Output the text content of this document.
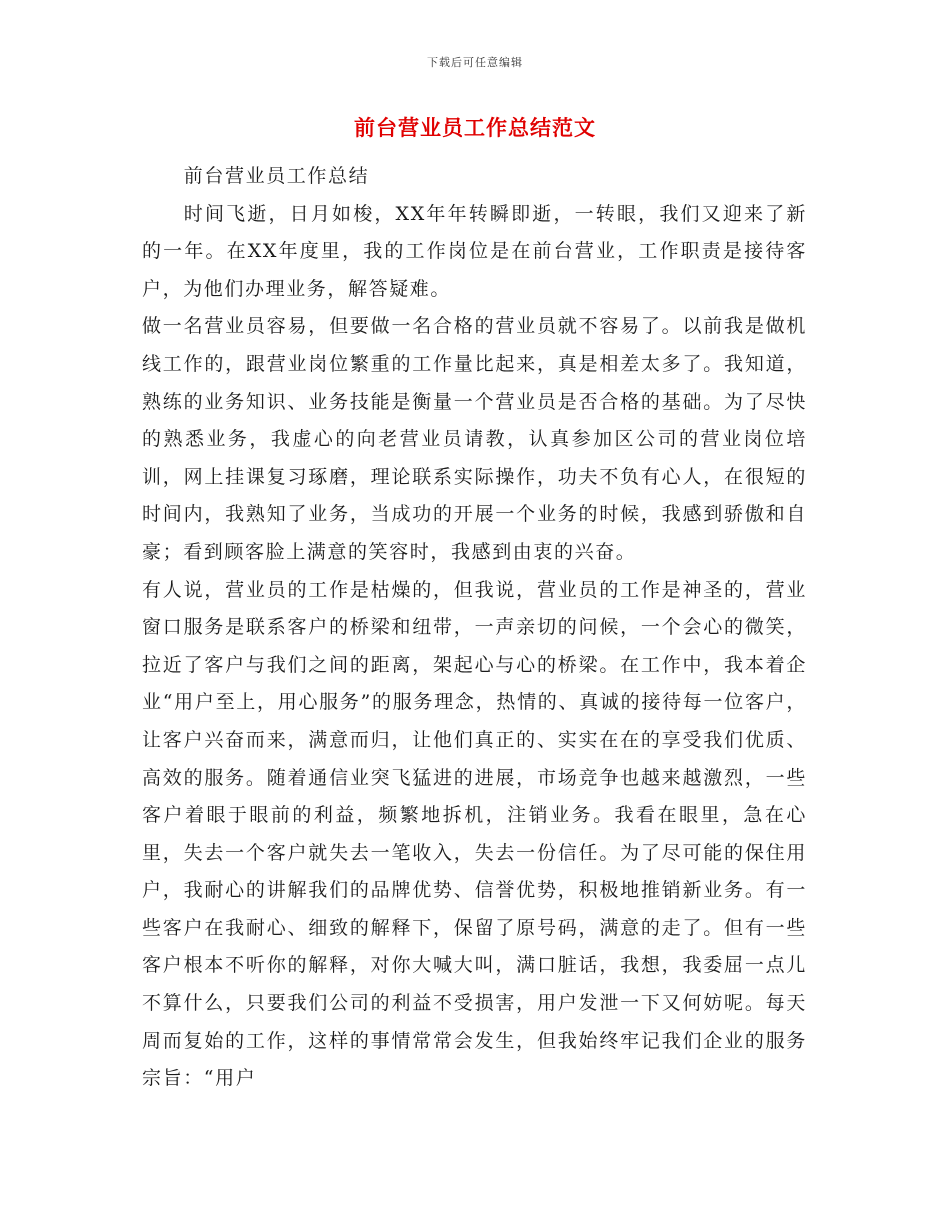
下载后可任意编辑
前台营业员工作总结范文

前台营业员工作总结

时间飞逝，日月如梭，XX年年转瞬即逝，一转眼，我们又迎来了新的一年。在XX年度里，我的工作岗位是在前台营业，工作职责是接待客户，为他们办理业务，解答疑难。

做一名营业员容易，但要做一名合格的营业员就不容易了。以前我是做机线工作的，跟营业岗位繁重的工作量比起来，真是相差太多了。我知道，熟练的业务知识、业务技能是衡量一个营业员是否合格的基础。为了尽快的熟悉业务，我虚心的向老营业员请教，认真参加区公司的营业岗位培训，网上挂课复习琢磨，理论联系实际操作，功夫不负有心人，在很短的时间内，我熟知了业务，当成功的开展一个业务的时候，我感到骄傲和自豪；看到顾客脸上满意的笑容时，我感到由衷的兴奋。

有人说，营业员的工作是枯燥的，但我说，营业员的工作是神圣的，营业窗口服务是联系客户的桥梁和纽带，一声亲切的问候，一个会心的微笑，拉近了客户与我们之间的距离，架起心与心的桥梁。在工作中，我本着企业“用户至上，用心服务”的服务理念，热情的、真诚的接待每一位客户，让客户兴奋而来，满意而归，让他们真正的、实实在在的享受我们优质、高效的服务。随着通信业突飞猛进的进展，市场竞争也越来越激烈，一些客户着眼于眼前的利益，频繁地拆机，注销业务。我看在眼里，急在心里，失去一个客户就失去一笔收入，失去一份信任。为了尽可能的保住用户，我耐心的讲解我们的品牌优势、信誉优势，积极地推销新业务。有一些客户在我耐心、细致的解释下，保留了原号码，满意的走了。但有一些客户根本不听你的解释，对你大喊大叫，满口脏话，我想，我委屈一点儿不算什么，只要我们公司的利益不受损害，用户发泄一下又何妨呢。每天周而复始的工作，这样的事情常常会发生，但我始终牢记我们企业的服务宗旨：“用户
